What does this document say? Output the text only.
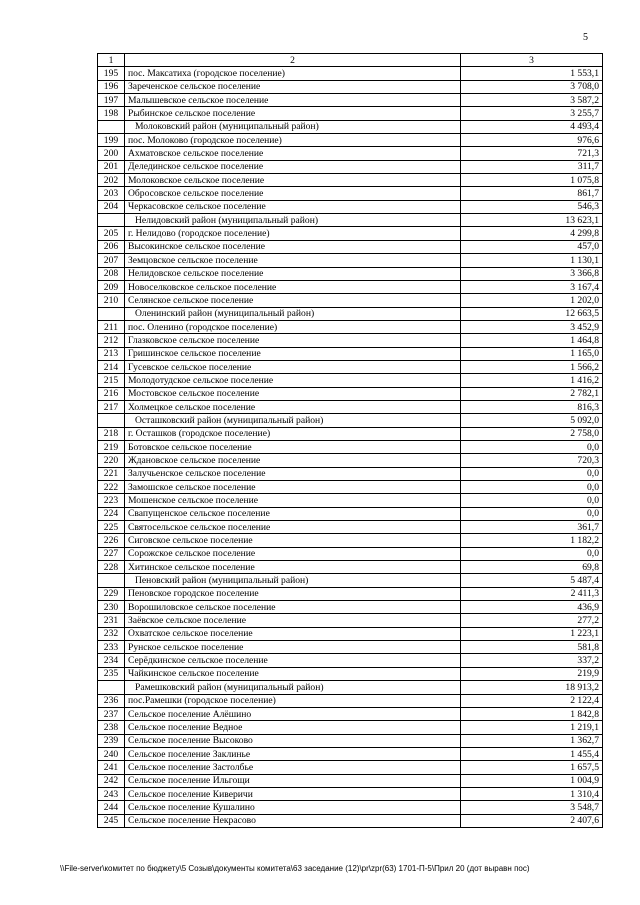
5
1	2	3
195	пос. Максатиха (городское поселение)	1 553,1
196	Зареченское сельское поселение	3 708,0
197	Малышевское сельское поселение	3 587,2
198	Рыбинское сельское поселение	3 255,7
	Молоковский район (муниципальный район)	4 493,4
199	пос. Молоково (городское поселение)	976,6
200	Ахматовское сельское поселение	721,3
201	Делединское сельское поселение	311,7
202	Молоковское сельское поселение	1 075,8
203	Обросовское сельское поселение	861,7
204	Черкасовское сельское поселение	546,3
	Нелидовский район (муниципальный район)	13 623,1
205	г. Нелидово (городское поселение)	4 299,8
206	Высокинское сельское поселение	457,0
207	Земцовское сельское поселение	1 130,1
208	Нелидовское сельское поселение	3 366,8
209	Новоселковское сельское поселение	3 167,4
210	Селянское сельское поселение	1 202,0
	Оленинский район (муниципальный район)	12 663,5
211	пос. Оленино (городское поселение)	3 452,9
212	Глазковское сельское поселение	1 464,8
213	Гришинское сельское поселение	1 165,0
214	Гусевское сельское поселение	1 566,2
215	Молодотудское сельское поселение	1 416,2
216	Мостовское сельское поселение	2 782,1
217	Холмецкое сельское поселение	816,3
	Осташковский район (муниципальный район)	5 092,0
218	г. Осташков (городское поселение)	2 758,0
219	Ботовское сельское поселение	0,0
220	Ждановское сельское поселение	720,3
221	Залучьенское сельское поселение	0,0
222	Замошское сельское поселение	0,0
223	Мошенское сельское поселение	0,0
224	Свапущенское сельское поселение	0,0
225	Святосельское сельское поселение	361,7
226	Сиговское сельское поселение	1 182,2
227	Сорожское сельское поселение	0,0
228	Хитинское сельское поселение	69,8
	Пеновский район (муниципальный район)	5 487,4
229	Пеновское городское поселение	2 411,3
230	Ворошиловское сельское поселение	436,9
231	Заёвское сельское поселение	277,2
232	Охватское сельское поселение	1 223,1
233	Рунское сельское поселение	581,8
234	Серёдкинское сельское поселение	337,2
235	Чайкинское сельское поселение	219,9
	Рамешковский район (муниципальный район)	18 913,2
236	пос.Рамешки (городское поселение)	2 122,4
237	Сельское поселение Алёшино	1 842,8
238	Сельское поселение Ведное	1 219,1
239	Сельское поселение Высоково	1 362,7
240	Сельское поселение Заклинье	1 455,4
241	Сельское поселение Застолбье	1 657,5
242	Сельское поселение Ильгощи	1 004,9
243	Сельское поселение Киверичи	1 310,4
244	Сельское поселение Кушалино	3 548,7
245	Сельское поселение Некрасово	2 407,6
\\File-server\комитет по бюджету\5 Созыв\документы комитета\63 заседание (12)\pr\zpr(63) 1701-П-5\Прил 20 (дот выравн пос)
